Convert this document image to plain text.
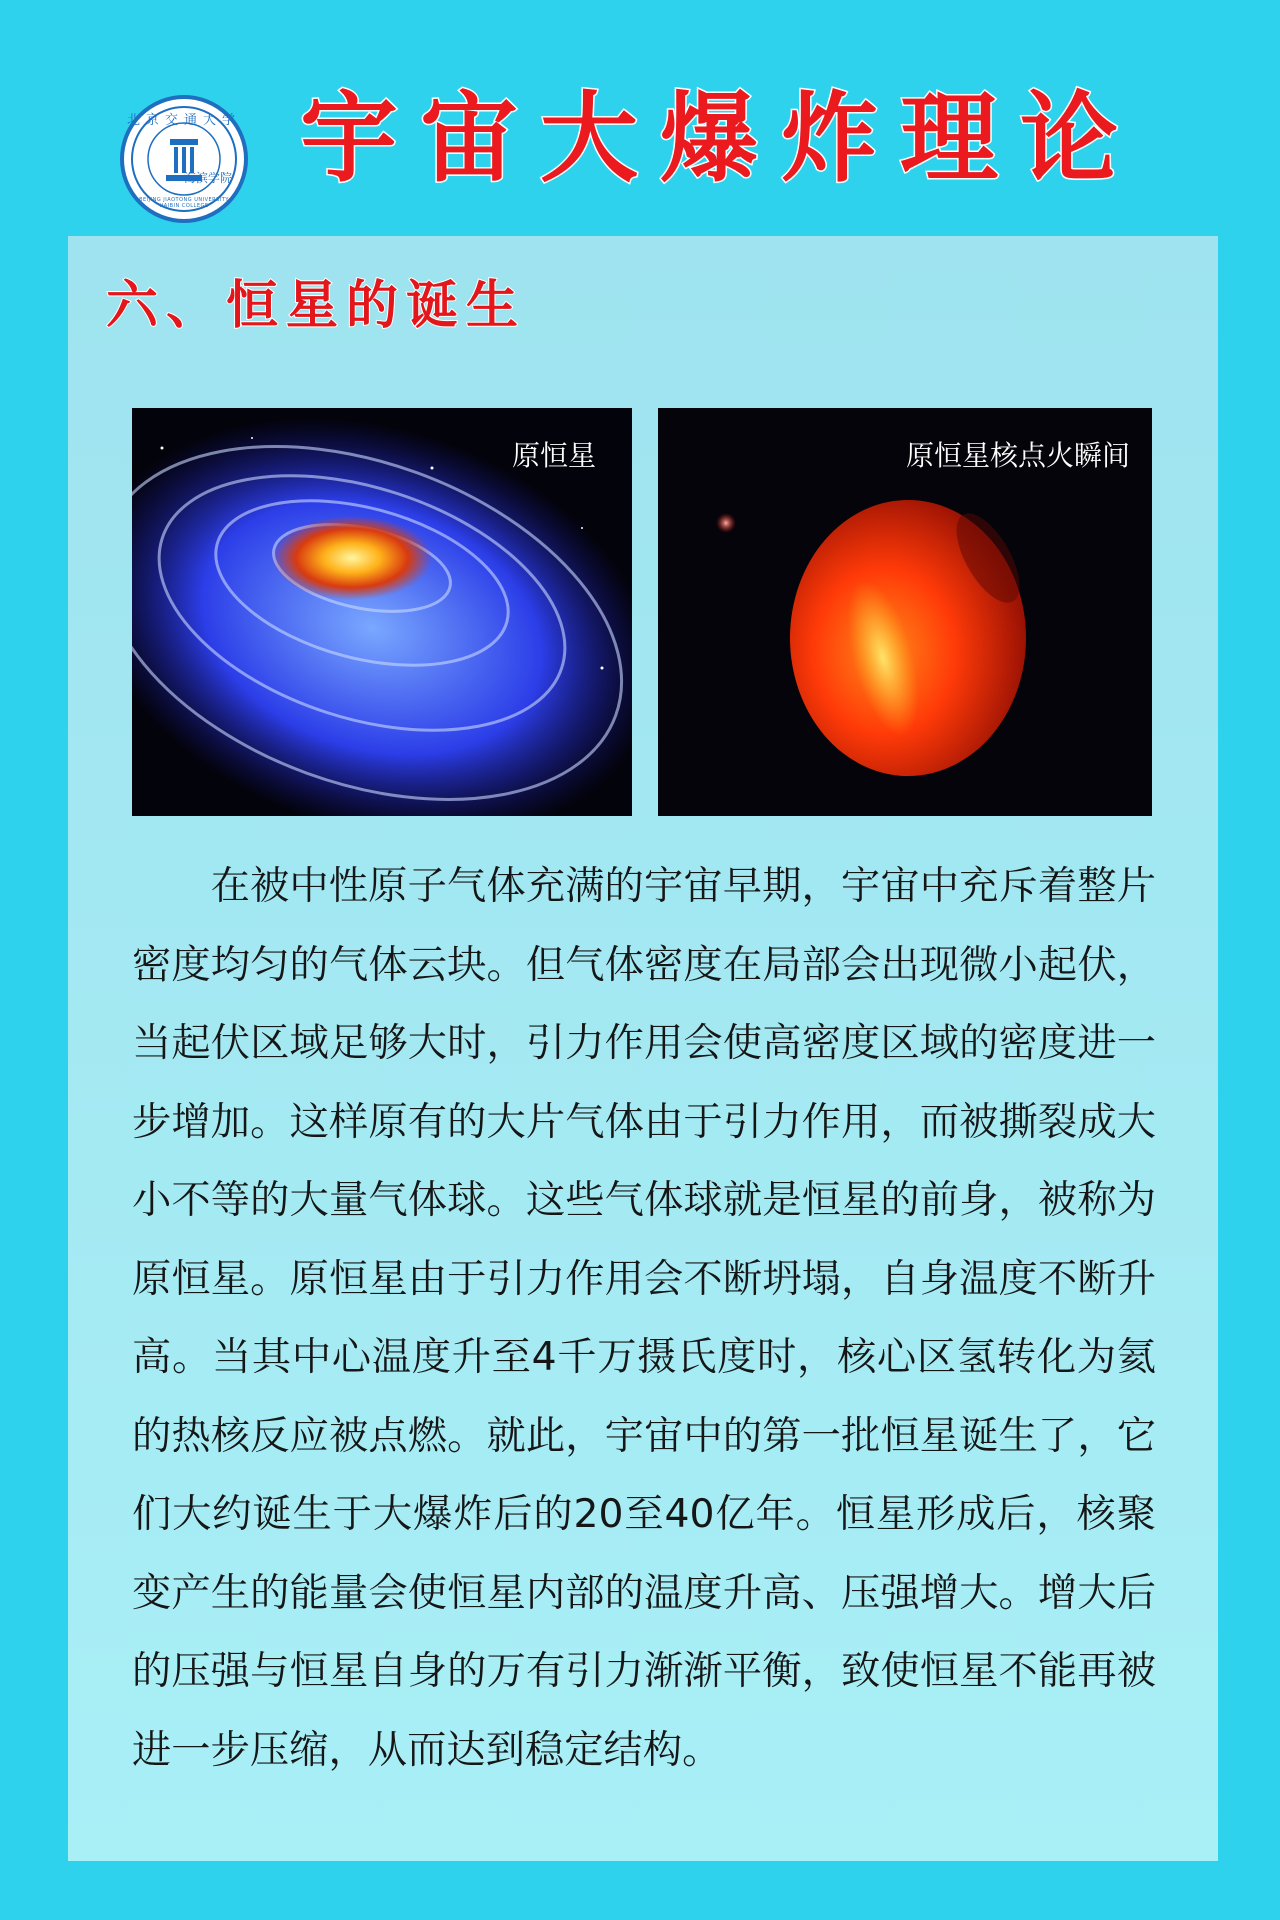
北京交通大学
海滨学院
BEIJING JIAOTONG UNIVERSITY HAIBIN COLLEGE
宇宙大爆炸理论
六、恒星的诞生
原恒星	原恒星核点火瞬间
在被中性原子气体充满的宇宙早期，宇宙中充斥着整片密度均匀的气体云块。但气体密度在局部会出现微小起伏，当起伏区域足够大时，引力作用会使高密度区域的密度进一步增加。这样原有的大片气体由于引力作用，而被撕裂成大小不等的大量气体球。这些气体球就是恒星的前身，被称为原恒星。原恒星由于引力作用会不断坍塌，自身温度不断升高。当其中心温度升至4千万摄氏度时，核心区氢转化为氦的热核反应被点燃。就此，宇宙中的第一批恒星诞生了，它们大约诞生于大爆炸后的20至40亿年。恒星形成后，核聚变产生的能量会使恒星内部的温度升高、压强增大。增大后的压强与恒星自身的万有引力渐渐平衡，致使恒星不能再被进一步压缩，从而达到稳定结构。
